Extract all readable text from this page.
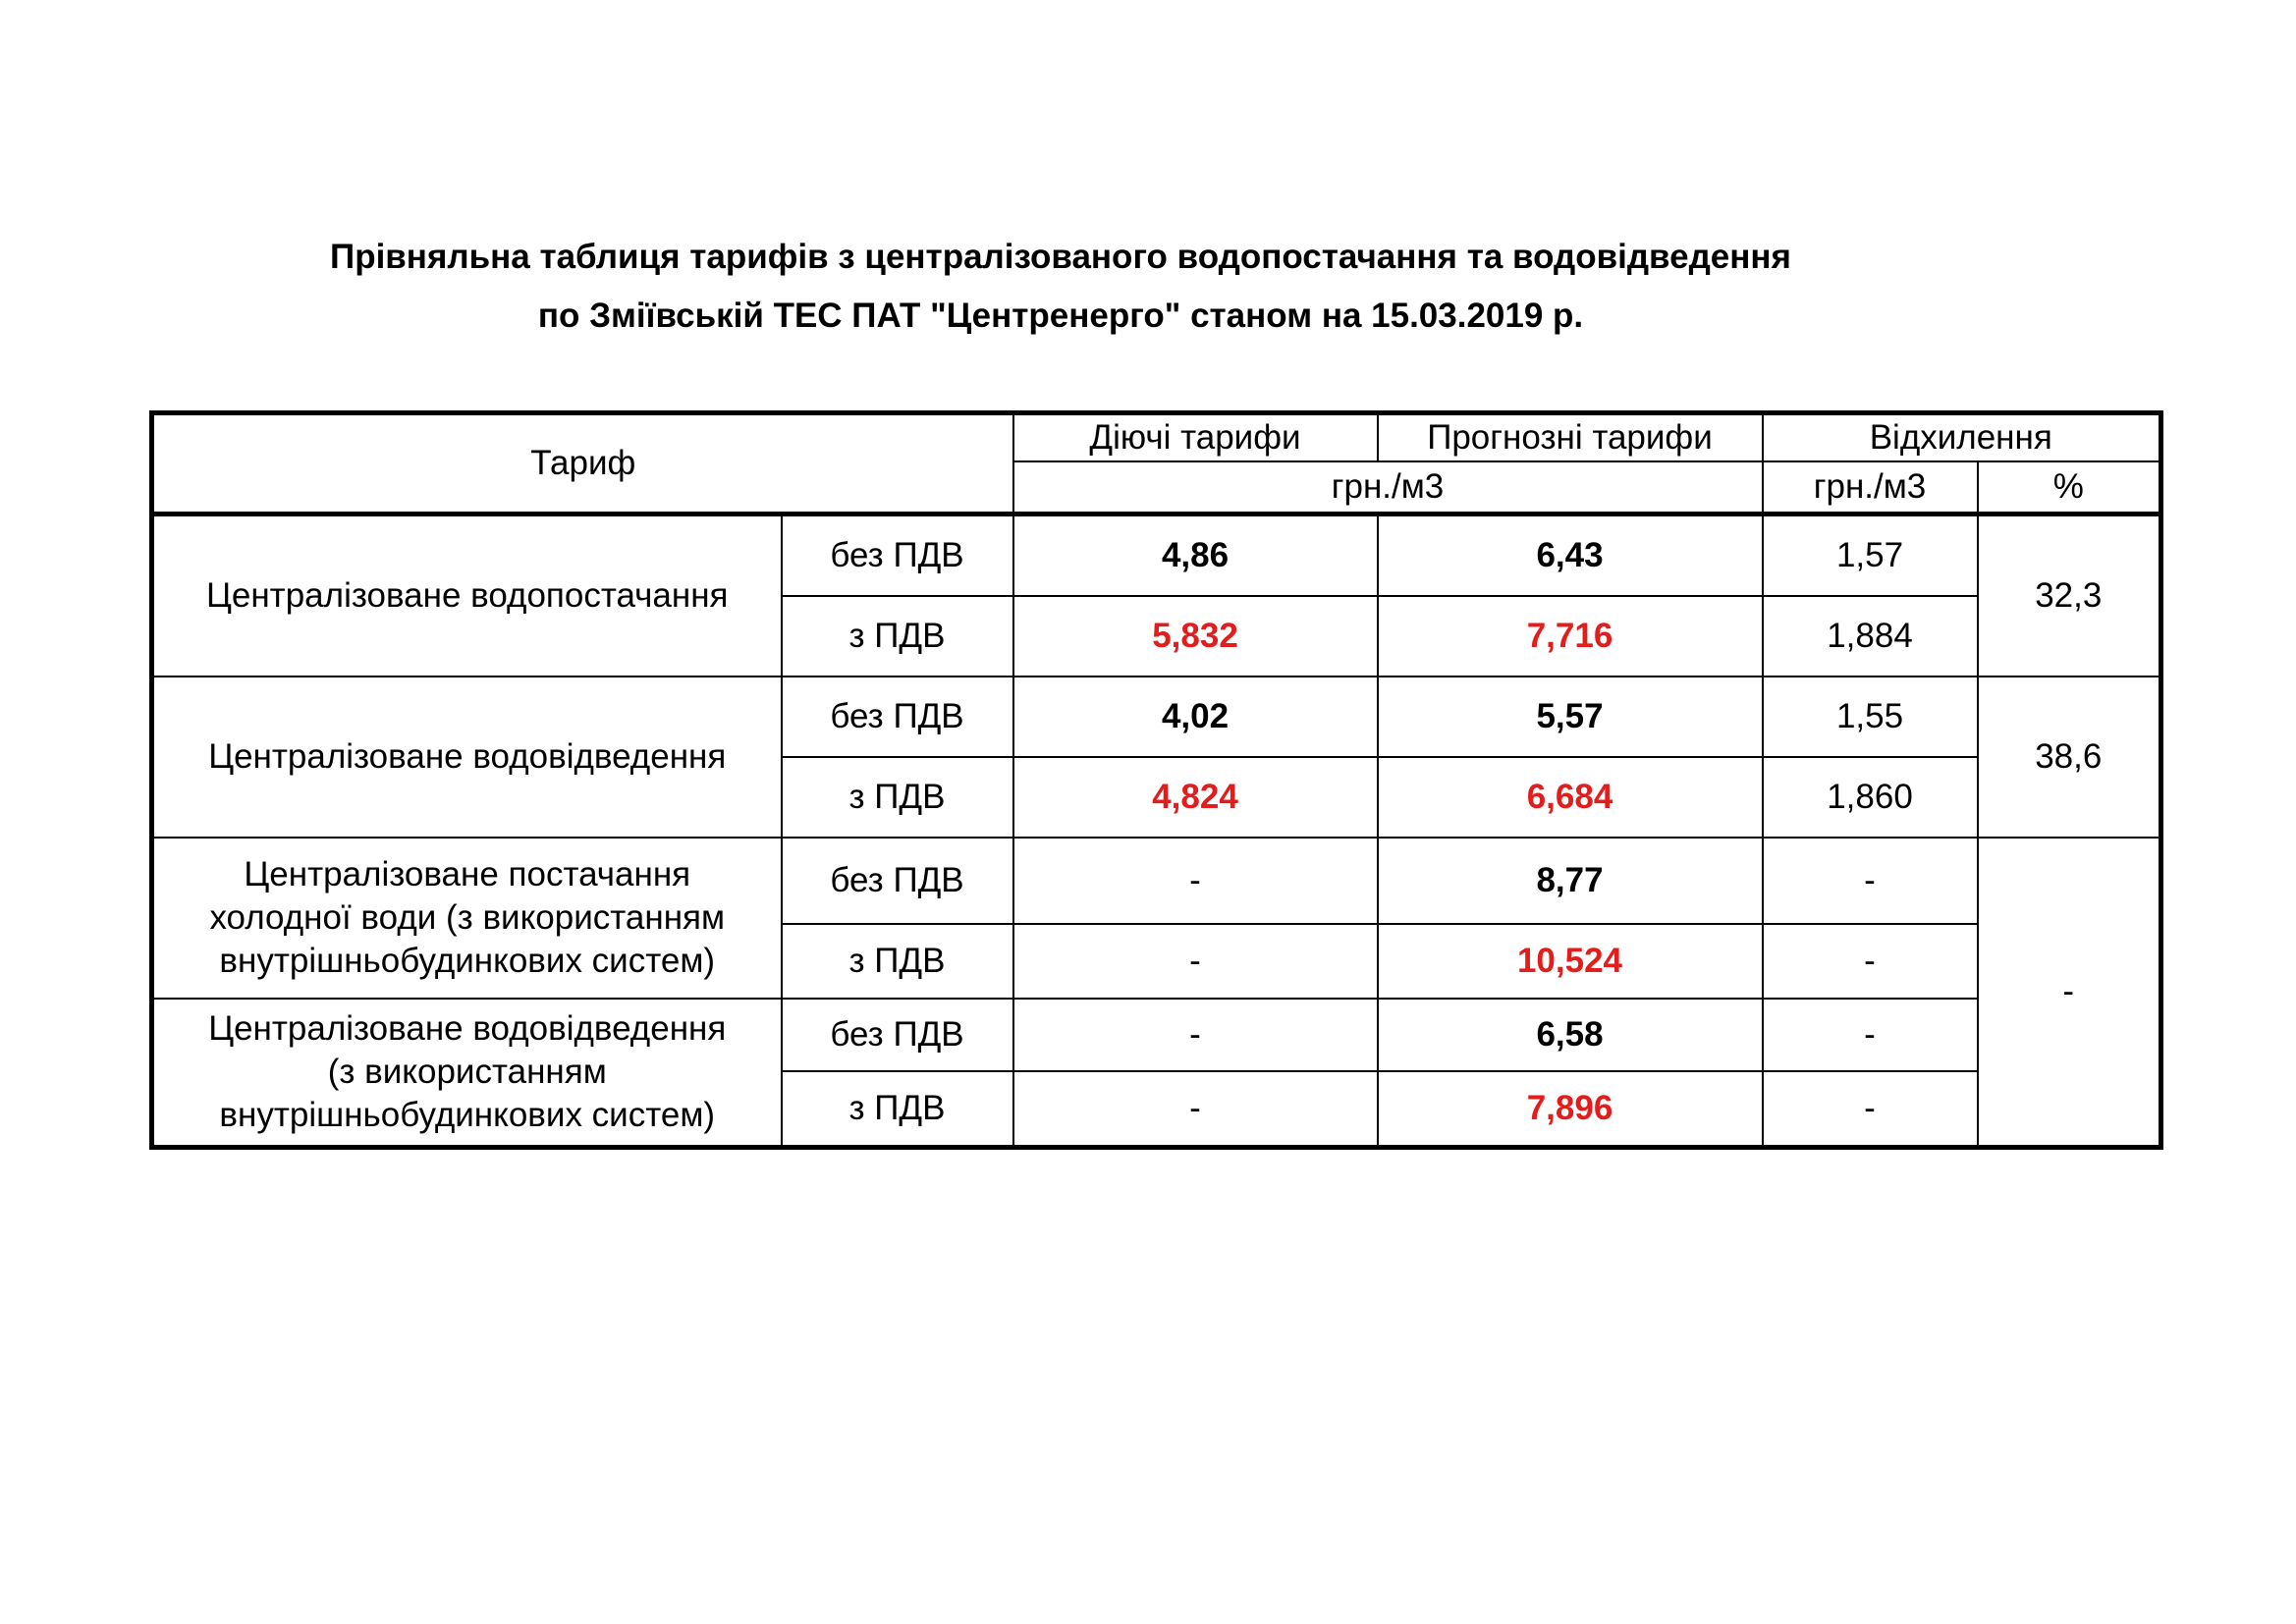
Прівняльна таблиця тарифів з централізованого водопостачання та водовідведення
по Зміївській ТЕС ПАТ "Центренерго" станом на 15.03.2019 р.
Тариф		Діючі тарифи	Прогнозні тарифи	Відхилення	
		грн./м3		грн./м3	%
Централізоване водопостачання	без ПДВ	4,86	6,43	1,57	32,3
	з ПДВ	5,832	7,716	1,884	
Централізоване водовідведення	без ПДВ	4,02	5,57	1,55	38,6
	з ПДВ	4,824	6,684	1,860	

Централізоване постачання
холодної води (з використанням
внутрішньобудинкових систем)	без ПДВ	-	8,77	-	-
	з ПДВ	-	10,524	-	

Централізоване водовідведення
(з використанням
внутрішньобудинкових систем)	без ПДВ	-	6,58	-	
	з ПДВ	-	7,896	-	
